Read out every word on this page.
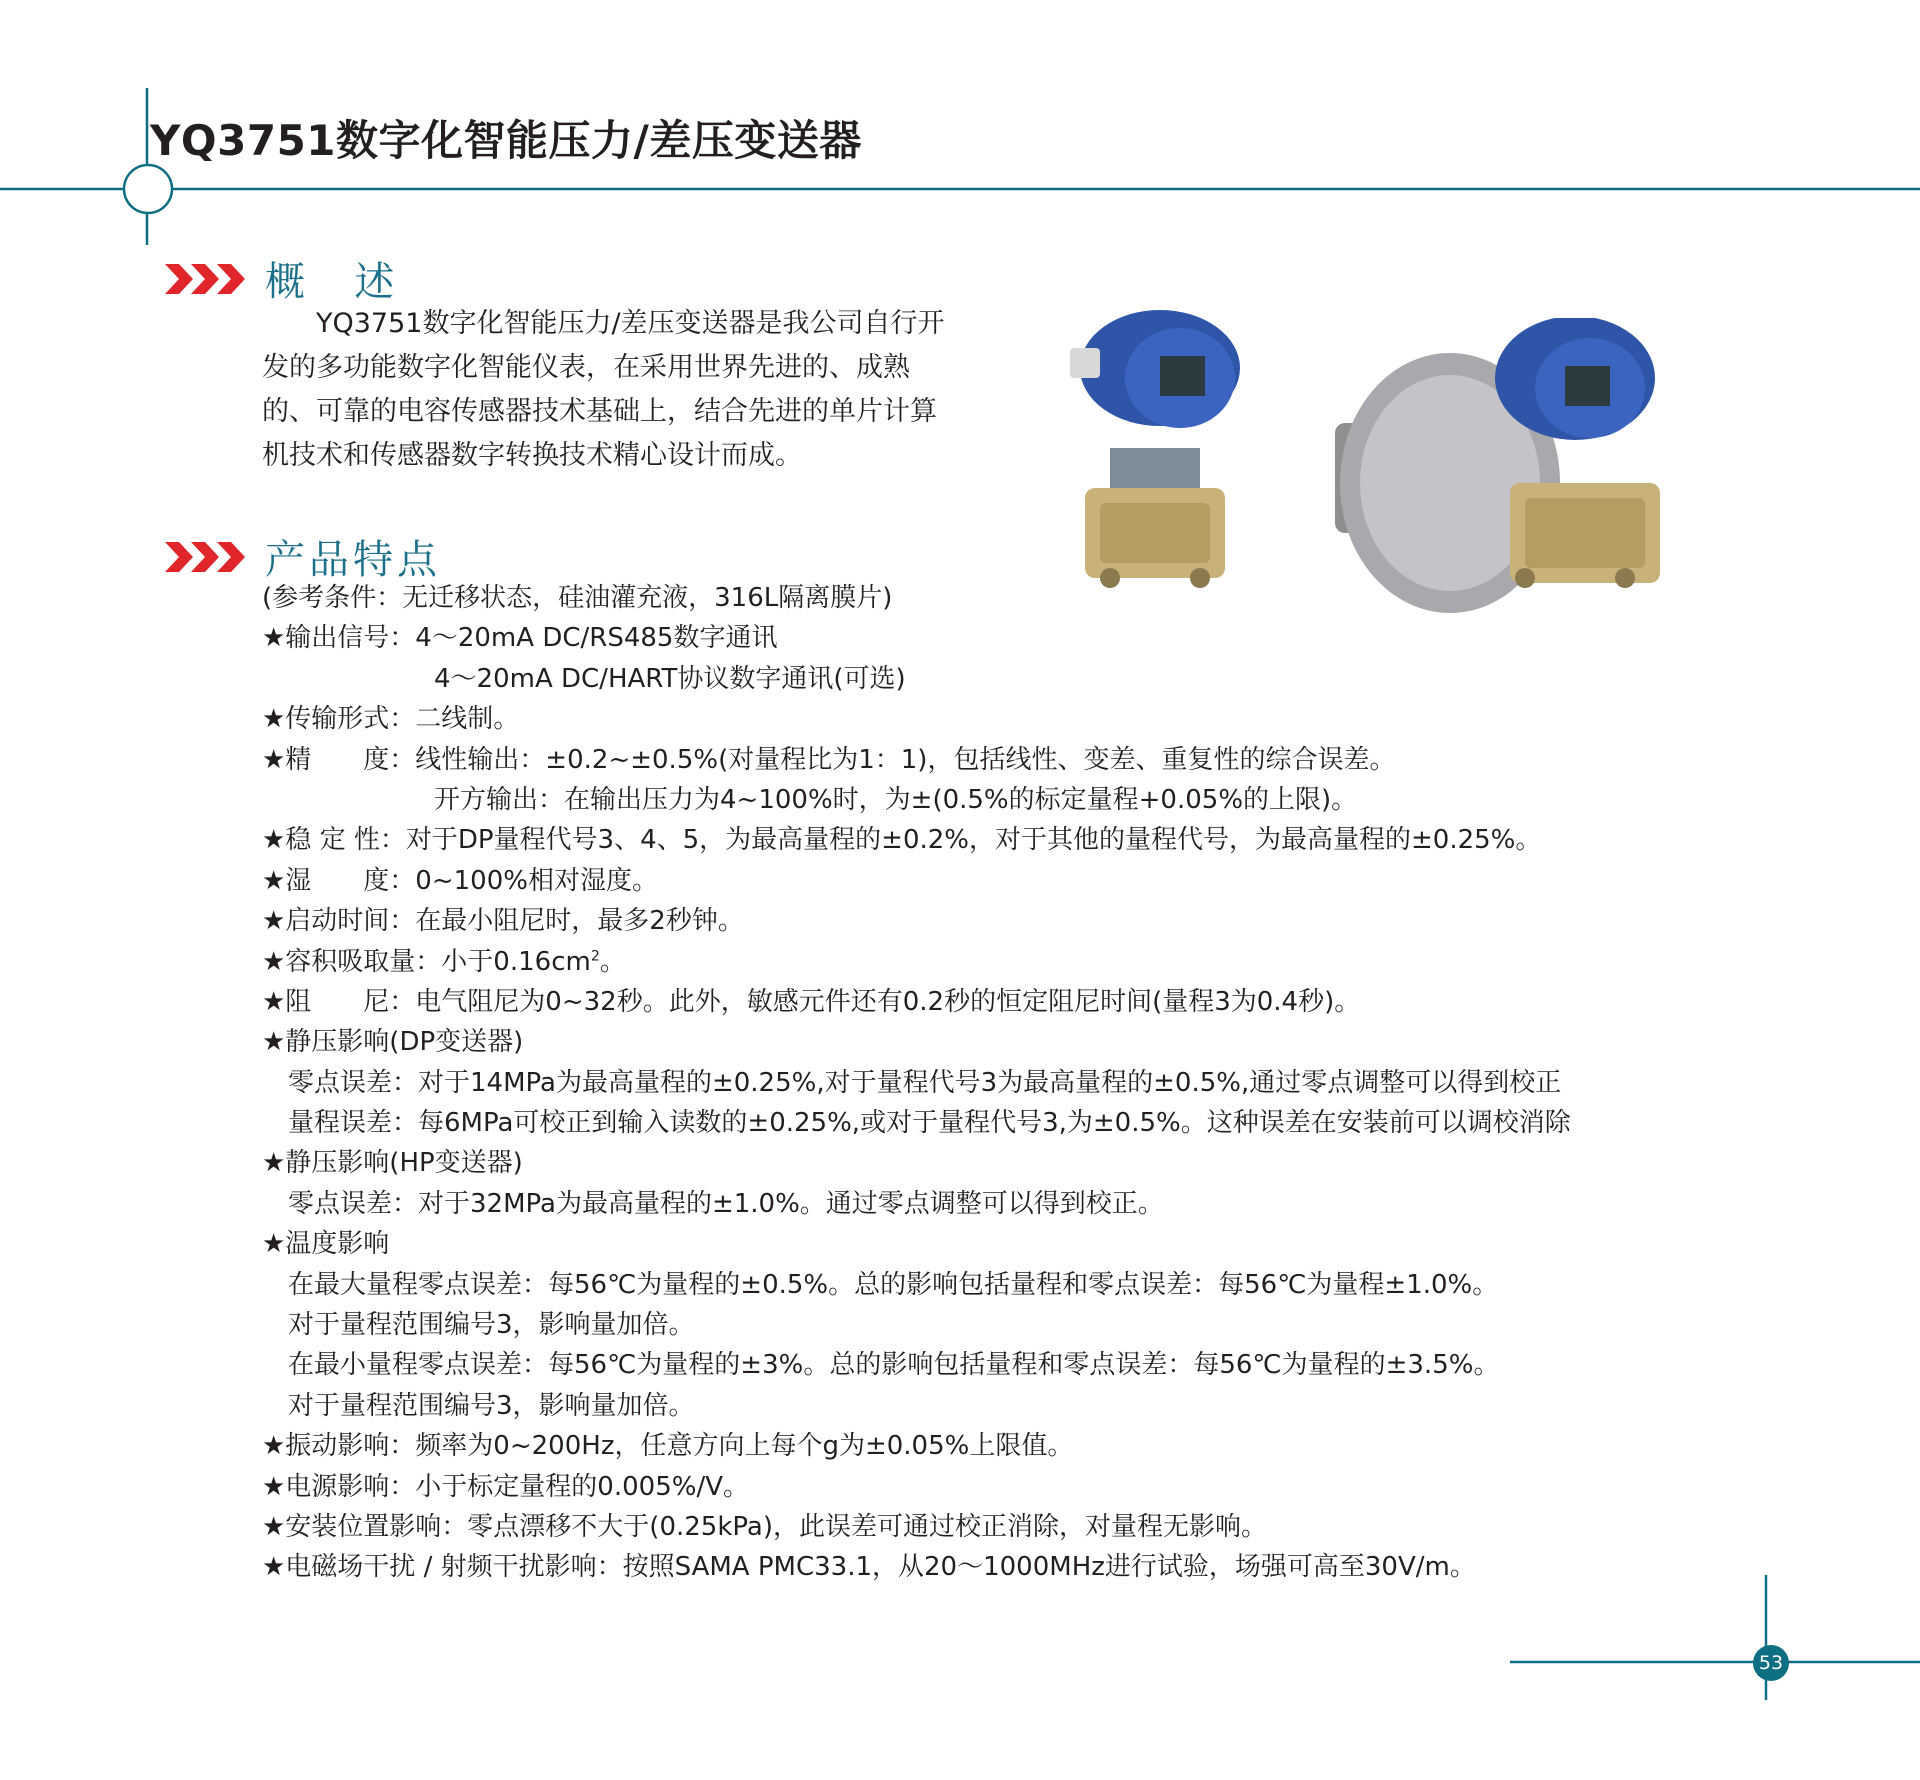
YQ3751数字化智能压力/差压变送器
概  述
YQ3751数字化智能压力/差压变送器是我公司自行开发的多功能数字化智能仪表，在采用世界先进的、成熟的、可靠的电容传感器技术基础上，结合先进的单片计算机技术和传感器数字转换技术精心设计而成。
产品特点
(参考条件：无迁移状态，硅油灌充液，316L隔离膜片)
★输出信号：4～20mA DC/RS485数字通讯
4～20mA DC/HART协议数字通讯(可选)
★传输形式：二线制。
★精　　度：线性输出：±0.2~±0.5%(对量程比为1：1)，包括线性、变差、重复性的综合误差。
开方输出：在输出压力为4~100%时，为±(0.5%的标定量程+0.05%的上限)。
★稳 定 性：对于DP量程代号3、4、5，为最高量程的±0.2%，对于其他的量程代号，为最高量程的±0.25%。
★湿　　度：0~100%相对湿度。
★启动时间：在最小阻尼时，最多2秒钟。
★容积吸取量：小于$0.16cm^2$。
★阻　　尼：电气阻尼为0~32秒。此外，敏感元件还有0.2秒的恒定阻尼时间(量程3为0.4秒)。
★静压影响(DP变送器)
零点误差：对于14MPa为最高量程的±0.25%,对于量程代号3为最高量程的±0.5%,通过零点调整可以得到校正
量程误差：每6MPa可校正到输入读数的±0.25%,或对于量程代号3,为±0.5%。这种误差在安装前可以调校消除
★静压影响(HP变送器)
零点误差：对于32MPa为最高量程的±1.0%。通过零点调整可以得到校正。
★温度影响
在最大量程零点误差：每56℃为量程的±0.5%。总的影响包括量程和零点误差：每56℃为量程±1.0%。
对于量程范围编号3，影响量加倍。
在最小量程零点误差：每56℃为量程的±3%。总的影响包括量程和零点误差：每56℃为量程的±3.5%。
对于量程范围编号3，影响量加倍。
★振动影响：频率为0~200Hz，任意方向上每个g为±0.05%上限值。
★电源影响：小于标定量程的0.005%/V。
★安装位置影响：零点漂移不大于(0.25kPa)，此误差可通过校正消除，对量程无影响。
★电磁场干扰 / 射频干扰影响：按照SAMA PMC33.1，从20～1000MHz进行试验，场强可高至30V/m。
53
